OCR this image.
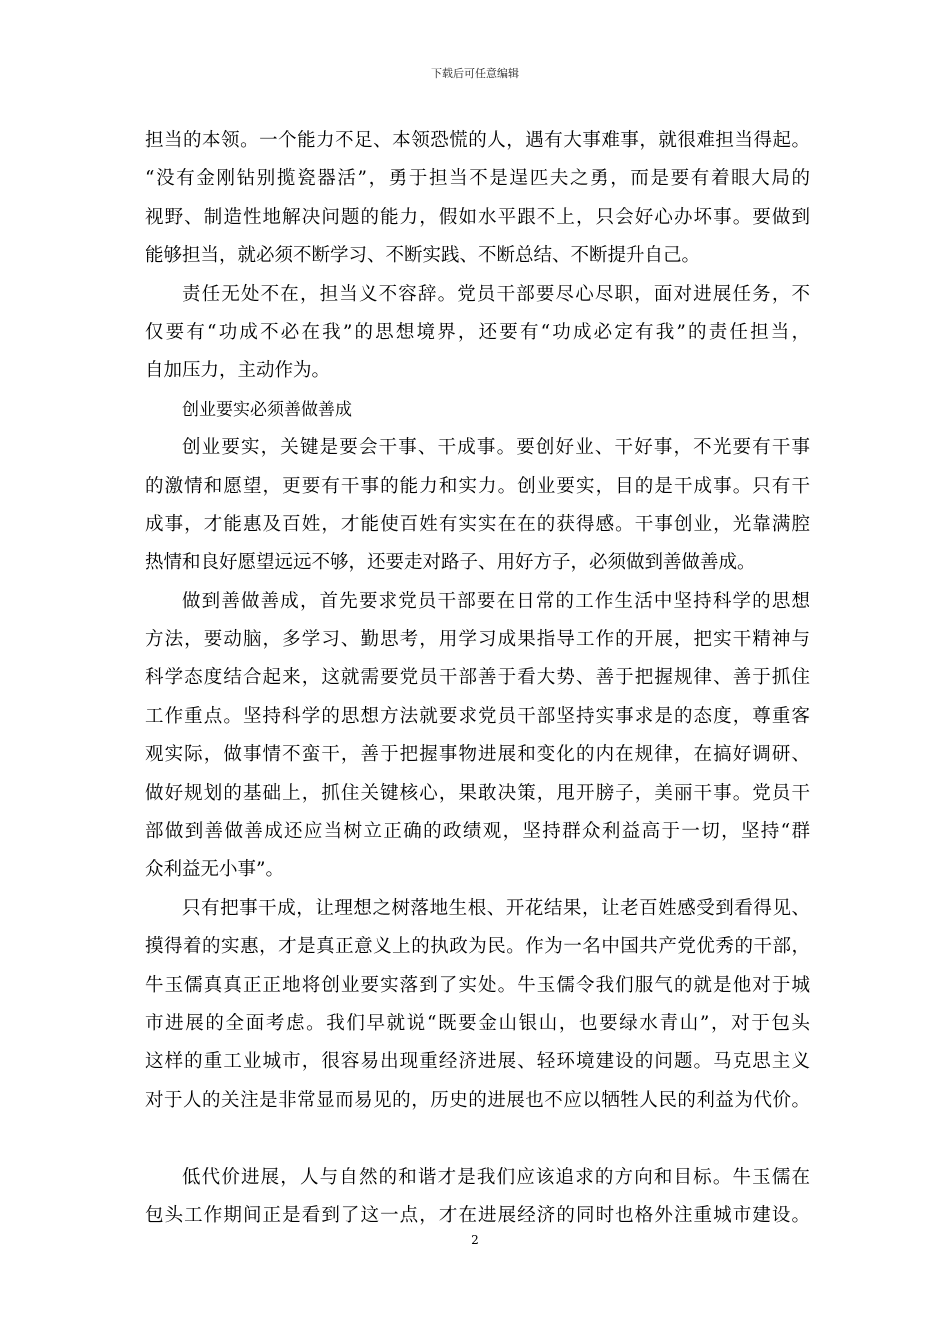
下载后可任意编辑
担当的本领。一个能力不足、本领恐慌的人，遇有大事难事，就很难担当得起。
“没有金刚钻别揽瓷器活”，勇于担当不是逞匹夫之勇，而是要有着眼大局的
视野、制造性地解决问题的能力，假如水平跟不上，只会好心办坏事。要做到
能够担当，就必须不断学习、不断实践、不断总结、不断提升自己。
责任无处不在，担当义不容辞。党员干部要尽心尽职，面对进展任务，不
仅要有“功成不必在我”的思想境界，还要有“功成必定有我”的责任担当，
自加压力，主动作为。
创业要实必须善做善成
创业要实，关键是要会干事、干成事。要创好业、干好事，不光要有干事
的激情和愿望，更要有干事的能力和实力。创业要实，目的是干成事。只有干
成事，才能惠及百姓，才能使百姓有实实在在的获得感。干事创业，光靠满腔
热情和良好愿望远远不够，还要走对路子、用好方子，必须做到善做善成。
做到善做善成，首先要求党员干部要在日常的工作生活中坚持科学的思想
方法，要动脑，多学习、勤思考，用学习成果指导工作的开展，把实干精神与
科学态度结合起来，这就需要党员干部善于看大势、善于把握规律、善于抓住
工作重点。坚持科学的思想方法就要求党员干部坚持实事求是的态度，尊重客
观实际，做事情不蛮干，善于把握事物进展和变化的内在规律，在搞好调研、
做好规划的基础上，抓住关键核心，果敢决策，甩开膀子，美丽干事。党员干
部做到善做善成还应当树立正确的政绩观，坚持群众利益高于一切，坚持“群
众利益无小事”。
只有把事干成，让理想之树落地生根、开花结果，让老百姓感受到看得见、
摸得着的实惠，才是真正意义上的执政为民。作为一名中国共产党优秀的干部，
牛玉儒真真正正地将创业要实落到了实处。牛玉儒令我们服气的就是他对于城
市进展的全面考虑。我们早就说“既要金山银山，也要绿水青山”，对于包头
这样的重工业城市，很容易出现重经济进展、轻环境建设的问题。马克思主义
对于人的关注是非常显而易见的，历史的进展也不应以牺牲人民的利益为代价。
低代价进展，人与自然的和谐才是我们应该追求的方向和目标。牛玉儒在
包头工作期间正是看到了这一点，才在进展经济的同时也格外注重城市建设。
2
